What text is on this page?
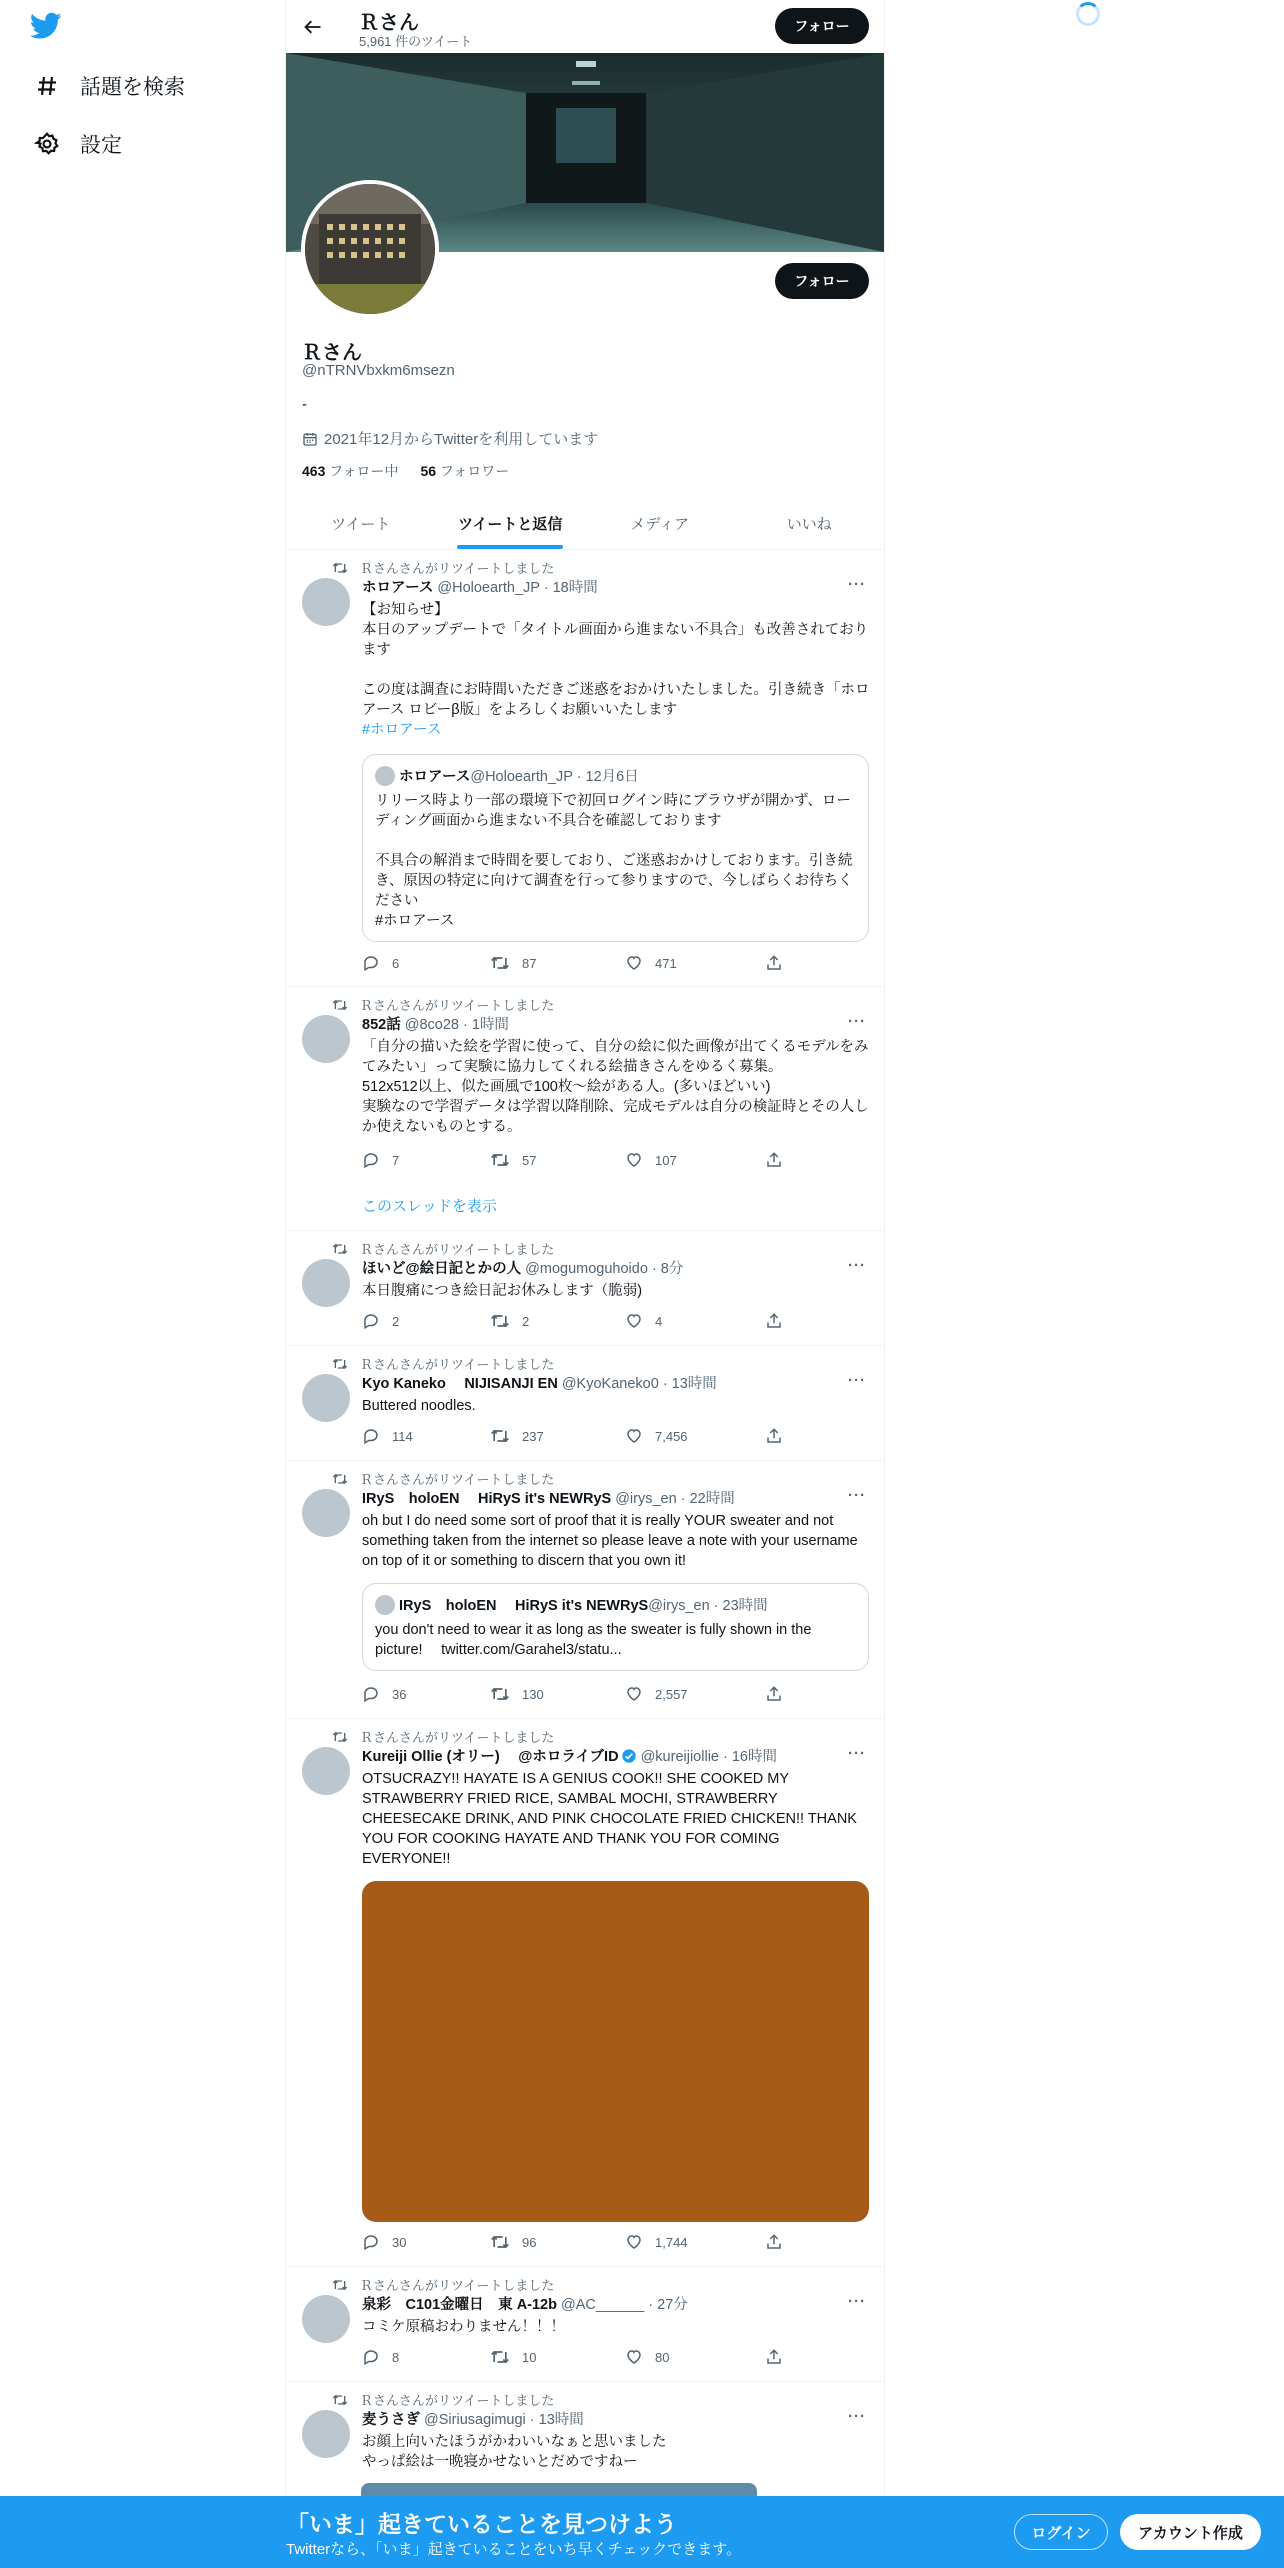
話題を検索
設定
Ｒさん
5,961 件のツイート
フォロー
フォロー
Ｒさん
@nTRNVbxkm6msezn
-
2021年12月からTwitterを利用しています
463 フォロー中 56 フォロワー
ツイート	ツイートと返信	メディア	いいね
Ｒさんさんがリツイートしました
ホロアース @Holoearth_JP · 18時間	···
【お知らせ】
本日のアップデートで「タイトル画面から進まない不具合」も改善されております

この度は調査にお時間いただきご迷惑をおかけいたしました。引き続き「ホロアース ロビーβ版」をよろしくお願いいたします
#ホロアース
ホロアース @Holoearth_JP · 12月6日
リリース時より一部の環境下で初回ログイン時にブラウザが開かず、ローディング画面から進まない不具合を確認しております

不具合の解消まで時間を要しており、ご迷惑おかけしております。引き続き、原因の特定に向けて調査を行って参りますので、今しばらくお待ちください
#ホロアース
6	87	471
Ｒさんさんがリツイートしました
852話 @8co28 · 1時間	···
「自分の描いた絵を学習に使って、自分の絵に似た画像が出てくるモデルをみてみたい」って実験に協力してくれる絵描きさんをゆるく募集。
512x512以上、似た画風で100枚〜絵がある人。(多いほどいい)
実験なので学習データは学習以降削除、完成モデルは自分の検証時とその人しか使えないものとする。
7	57	107
このスレッドを表示
Ｒさんさんがリツイートしました
ほいど@絵日記とかの人 @mogumoguhoido · 8分	···
本日腹痛につき絵日記お休みします（脆弱)
2	2	4
Ｒさんさんがリツイートしました
Kyo Kaneko　 NIJISANJI EN @KyoKaneko0 · 13時間	···
Buttered noodles.
114	237	7,456
Ｒさんさんがリツイートしました
IRyS　holoEN　 HiRyS it's NEWRyS @irys_en · 22時間	···
oh but I do need some sort of proof that it is really YOUR sweater and not something taken from the internet so please leave a note with your username on top of it or something to discern that you own it!
IRyS　holoEN　 HiRyS it's NEWRyS @irys_en · 23時間
you don't need to wear it as long as the sweater is fully shown in the picture!　 twitter.com/Garahel3/statu...
36	130	2,557
Ｒさんさんがリツイートしました
Kureiji Ollie (オリー)　 @ホロライブID @kureijiollie · 16時間	···
OTSUCRAZY!! HAYATE IS A GENIUS COOK!! SHE COOKED MY STRAWBERRY FRIED RICE, SAMBAL MOCHI, STRAWBERRY CHEESECAKE DRINK, AND PINK CHOCOLATE FRIED CHICKEN!! THANK YOU FOR COOKING HAYATE AND THANK YOU FOR COMING EVERYONE!!
30	96	1,744
Ｒさんさんがリツイートしました
泉彩　C101金曜日　東 A-12b @AC______ · 27分	···
コミケ原稿おわりません！！！
8	10	80
Ｒさんさんがリツイートしました
麦うさぎ @Siriusagimugi · 13時間	···
お顔上向いたほうがかわいいなぁと思いました
やっぱ絵は一晩寝かせないとだめですねー
「いま」起きていることを見つけよう
Twitterなら、「いま」起きていることをいち早くチェックできます。
ログイン	アカウント作成
